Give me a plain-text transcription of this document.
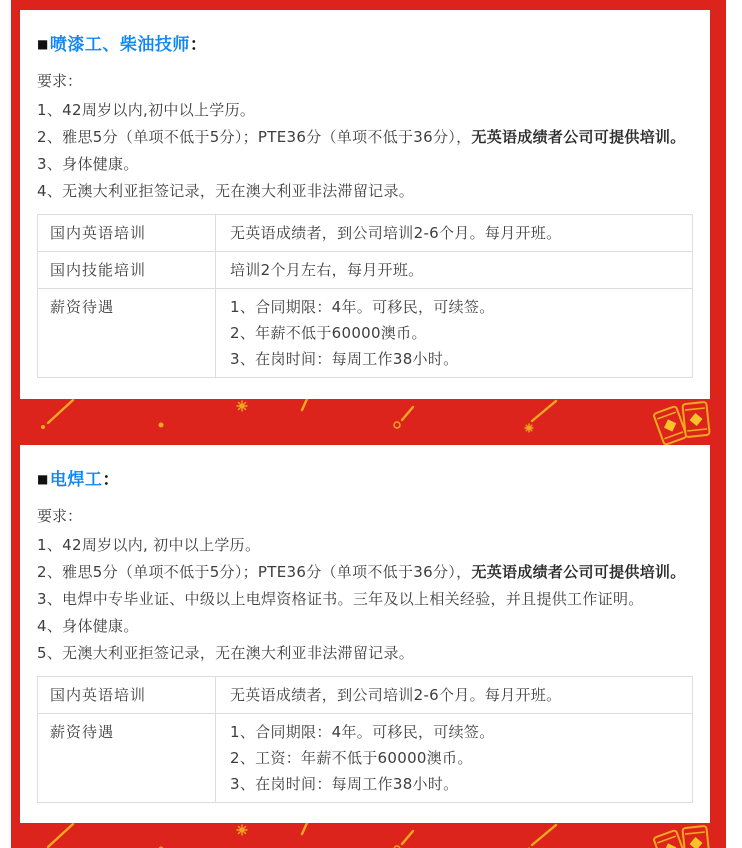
■喷漆工、柴油技师：

要求：

1、42周岁以内,初中以上学历。

2、雅思5分（单项不低于5分）；PTE36分（单项不低于36分），无英语成绩者公司可提供培训。

3、身体健康。

4、无澳大利亚拒签记录，无在澳大利亚非法滞留记录。

国内英语培训	无英语成绩者，到公司培训2-6个月。每月开班。

国内技能培训	培训2个月左右，每月开班。

薪资待遇	1、合同期限：4年。可移民，可续签。
2、年薪不低于60000澳币。
3、在岗时间：每周工作38小时。
■电焊工：

要求：

1、42周岁以内, 初中以上学历。

2、雅思5分（单项不低于5分）；PTE36分（单项不低于36分），无英语成绩者公司可提供培训。

3、电焊中专毕业证、中级以上电焊资格证书。三年及以上相关经验，并且提供工作证明。

4、身体健康。

5、无澳大利亚拒签记录，无在澳大利亚非法滞留记录。

国内英语培训	无英语成绩者，到公司培训2-6个月。每月开班。

薪资待遇	1、合同期限：4年。可移民，可续签。
2、工资：年薪不低于60000澳币。
3、在岗时间：每周工作38小时。
